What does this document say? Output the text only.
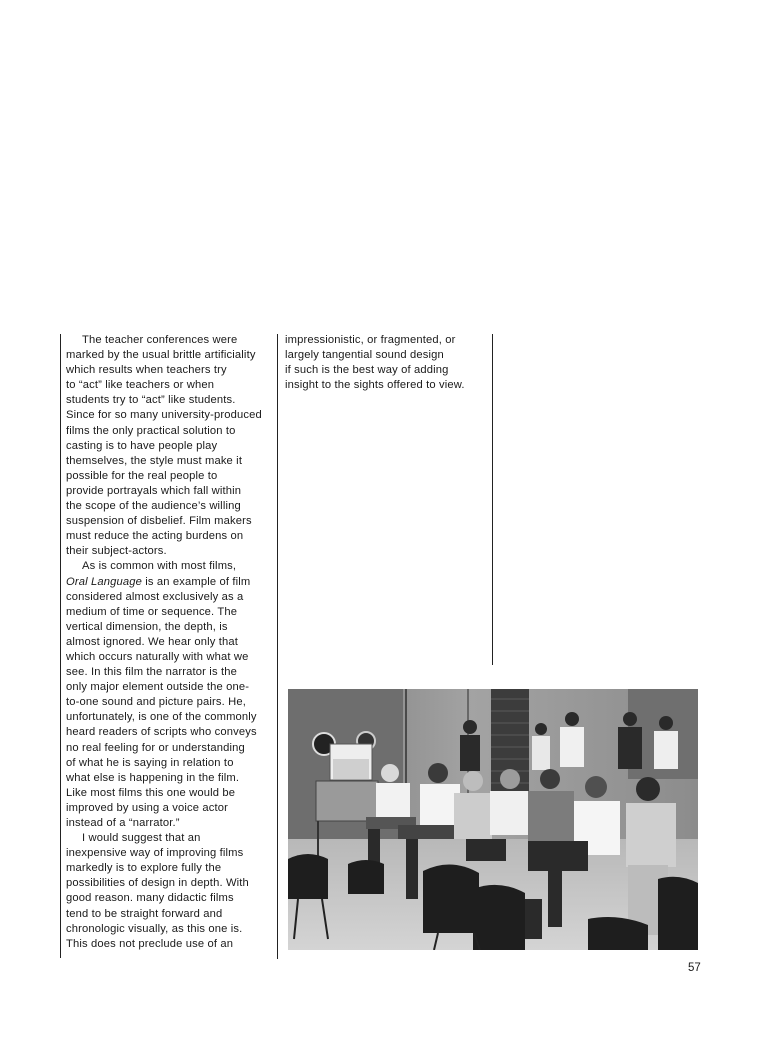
The teacher conferences were
marked by the usual brittle artificiality
which results when teachers try
to “act” like teachers or when
students try to “act” like students.
Since for so many university-produced
films the only practical solution to
casting is to have people play
themselves, the style must make it
possible for the real people to
provide portrayals which fall within
the scope of the audience’s willing
suspension of disbelief. Film makers
must reduce the acting burdens on
their subject-actors.
As is common with most films,
Oral Language is an example of film
considered almost exclusively as a
medium of time or sequence. The
vertical dimension, the depth, is
almost ignored. We hear only that
which occurs naturally with what we
see. In this film the narrator is the
only major element outside the one-
to-one sound and picture pairs. He,
unfortunately, is one of the commonly
heard readers of scripts who conveys
no real feeling for or understanding
of what he is saying in relation to
what else is happening in the film.
Like most films this one would be
improved by using a voice actor
instead of a “narrator.”
I would suggest that an
inexpensive way of improving films
markedly is to explore fully the
possibilities of design in depth. With
good reason. many didactic films
tend to be straight forward and
chronologic visually, as this one is.
This does not preclude use of an
impressionistic, or fragmented, or
largely tangential sound design
if such is the best way of adding
insight to the sights offered to view.
57
